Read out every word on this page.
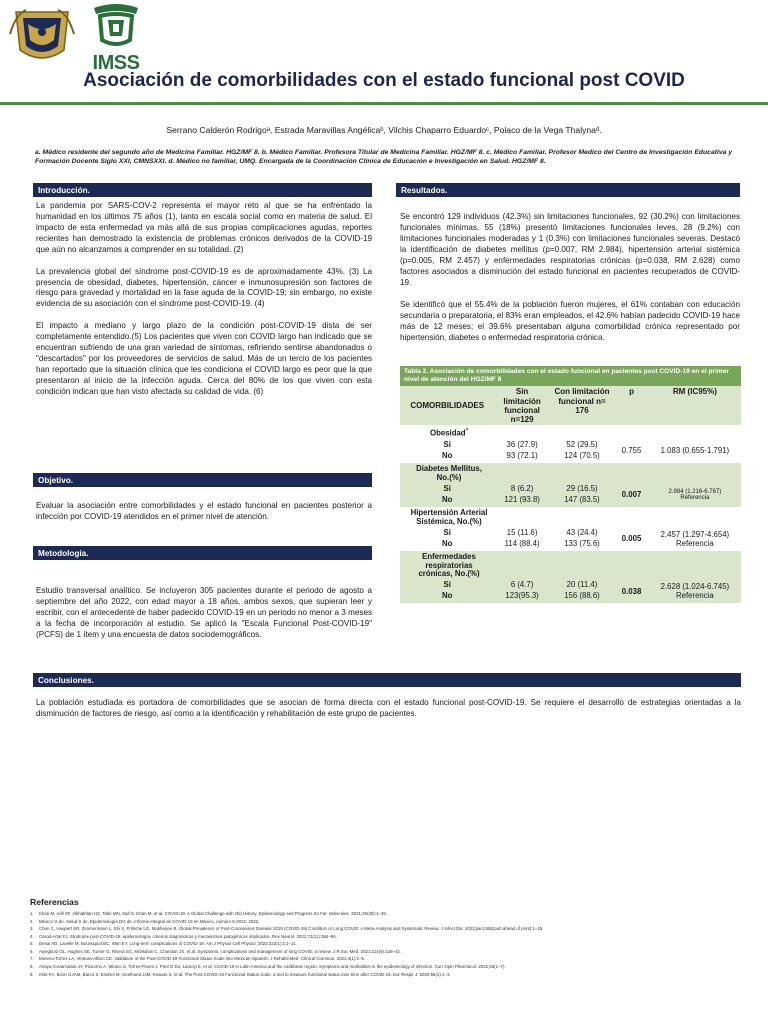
IMSS
Asociación de comorbilidades con el estado funcional post COVID
Serrano Calderón Rodrigoᵃ, Estrada Maravillas Angélicaᵇ, Vilchis Chaparro Eduardoᶜ, Polaco de la Vega Thalynaᵈ.
a. Médico residente del segundo año de Medicina Familiar. HGZ/MF 8. b. Médico Familiar. Profesora Titular de Medicina Familiar. HGZ/MF 8. c. Médico Familiar. Profesor Medico del Centro de Investigación Educativa y Formación Docente Siglo XXI, CMNSXXI. d. Médico no familiar, UMQ. Encargada de la Coordinación Clínica de Educación e Investigación en Salud. HGZ/MF 8.
Introducción.

La pandemia por SARS-COV-2 representa el mayor reto al que se ha enfrentado la humanidad en los últimos 75 años (1), tanto en escala social como en materia de salud. El impacto de esta enfermedad va más allá de sus propias complicaciones agudas, reportes recientes han demostrado la existencia de problemas crónicos derivados de la COVID-19 que aún no alcanzamos a comprender en su totalidad. (2)

La prevalencia global del síndrome post-COVID-19 es de aproximadamente 43%. (3) La presencia de obesidad, diabetes, hipertensión, cáncer e inmunosupresión son factores de riesgo para gravedad y mortalidad en la fase aguda de la COVID-19; sin embargo, no existe evidencia de su asociación con el síndrome post-COVID-19. (4)

El impacto a mediano y largo plazo de la condición post-COVID-19 dista de ser completamente entendido.(5) Los pacientes que viven con COVID largo han indicado que se encuentran sufriendo de una gran variedad de síntomas, refiriendo sentirse abandonados o "descartados" por los proveedores de servicios de salud. Más de un tercio de los pacientes han reportado que la situación clínica que les condiciona el COVID largo es peor que la que presentaron al inicio de la infección aguda. Cerca del 80% de los que viven con esta condición indican que han visto afectada su calidad de vida. (6)

Objetivo.
Evaluar la asociación entre comorbilidades y el estado funcional en pacientes posterior a infección por COVID-19 atendidos en el primer nivel de atención.
Metodología.
Estudio transversal analítico. Se incluyeron 305 pacientes durante el periodo de agosto a septiembre del año 2022, con edad mayor a 18 años, ambos sexos, que supieran leer y escribir, con el antecedente de haber padecido COVID-19 en un periodo no menor a 3 meses a la fecha de incorporación al estudio. Se aplicó la "Escala Funcional Post-COVID-19" (PCFS) de 1 ítem y una encuesta de datos sociodemográficos.
Resultados.

Se encontró 129 individuos (42.3%) sin limitaciones funcionales, 92 (30.2%) con limitaciones funcionales mínimas, 55 (18%) presentó limitaciones funcionales leves, 28 (9.2%) con limitaciones funcionales moderadas y 1 (0.3%) con limitaciones funcionales severas. Destacó la identificación de diabetes mellitus (p=0.007, RM 2.984), hipertensión arterial sistémica (p=0.005, RM 2.457) y enfermedades respiratorias crónicas (p=0.038, RM 2.628) como factores asociados a disminución del estado funcional en pacientes recuperados de COVID-19.

Se identificó que el 55.4% de la población fueron mujeres, el 61% contaban con educación secundaria o preparatoria, el 83% eran empleados, el 42.6% habían padecido COVID-19 hace más de 12 meses; el 39.6% presentaban alguna comorbilidad crónica representado por hipertensión, diabetes o enfermedad respiratoria crónica.

Tabla 2. Asociación de comorbilidades con el estado funcional en pacientes post COVID-19 en el primer nivel de atención del HGZ/MF 8
COMORBILIDADES	Sin limitación funcional n=129	Con limitación funcional n= 176	p	RM (IC95%)
Obesidad$^ª$
Si	36 (27.9)	52 (29.5)	0.755	1.083 (0.655-1.791)

No	93 (72.1)	124 (70.5)		
Diabetes Mellitus, No.(%)				
Si	8 (6.2)	29 (16.5)	0.007	2.984 (1.216-6.767)
Referencia

No	121 (93.8)	147 (83.5)		
Hipertensión Arterial Sistémica, No.(%)				
Si	15 (11.6)	43 (24.4)	0.005	2.457 (1.297-4.654)
Referencia

No	114 (88.4)	133 (75.6)		
Enfermedades respiratorias crónicas, No.(%)				
Si	6 (4.7)	20 (11.4)	0.038	2.628 (1.024-6.745)
Referencia

No	123(95.3)	156 (88.6)		
Conclusiones.
La población estudiada es portadora de comorbilidades que se asocian de forma directa con el estado funcional post-COVID-19. Se requiere el desarrollo de estrategias orientadas a la disminución de factores de riesgo, así como a la identificación y rehabilitación de este grupo de pacientes.
Referencias
1. Khan M, Adil SF, Alkhathlan HZ, Tahir MN, Saif S, Khan M, et al. COVID-19: A Global Challenge with Old History, Epidemiology and Progress So Far. Molecules. 2021;26(39):1–25.
2. México G de. Salud S de, Epidemiología DG de. Informe Integral de COVID-19 en México, número 5-2022. 2022.
3. Chen C, Haupert SR, Zimmermann L, Shi X, Fritsche LG, Mukherjee B. Global Prevalence of Post-Coronavirus Disease 2019 (COVID-19) Condition or Long COVID: A Meta-Analysis and Systematic Review. J Infect Dis. 2022;jiac136(Epub ahead of print):1–15.
4. Carod-Artal FJ. Síndrome post-COVID-19: epidemiología, criterios diagnósticos y mecanismos patogénicos implicados. Rev Neurol. 2021;72(11):384–96.
5. Desai AD, Lavelle M, Boursiquot BC, Wan EY. Long-term complications of COVID-19. Am J Physiol Cell Physiol. 2022;322(1):C1–11.
6. Aiyegbusi OL, Hughes SE, Turner G, Rivera SC, McMullan C, Chandan JS, et al. Symptoms, complications and management of long COVID: a review. J R Soc Med. 2021;114(9):428–42.
7. Moreno-Torres LA, Ventura-Alfaro CE. Validation of the Post-COVID-19 Functional Status Scale into Mexican-Spanish. J Rehabil Med -Clinical Commun. 2021;4(1):1–5.
8. Anaya-Covarrubias JY, Pizuorno A, Mirazo S, Torres-Flores J, Ponl G Du, Lamoyi E, et al. COVID-19 in Latin America and the caribbean region: Symptoms and morbidities in the epidemiology of infection. Curr Opin Pharmacol. 2022;63(1–7).
9. Klok FA, Boon GJAM, Barco S, Endres M, Geelhoed JJM, Knauss S, et al. The Post-COVID-19 Functional Status scale: a tool to measure functional status over time after COVID-19. Eur Respir J. 2020;56(1):1–3.
